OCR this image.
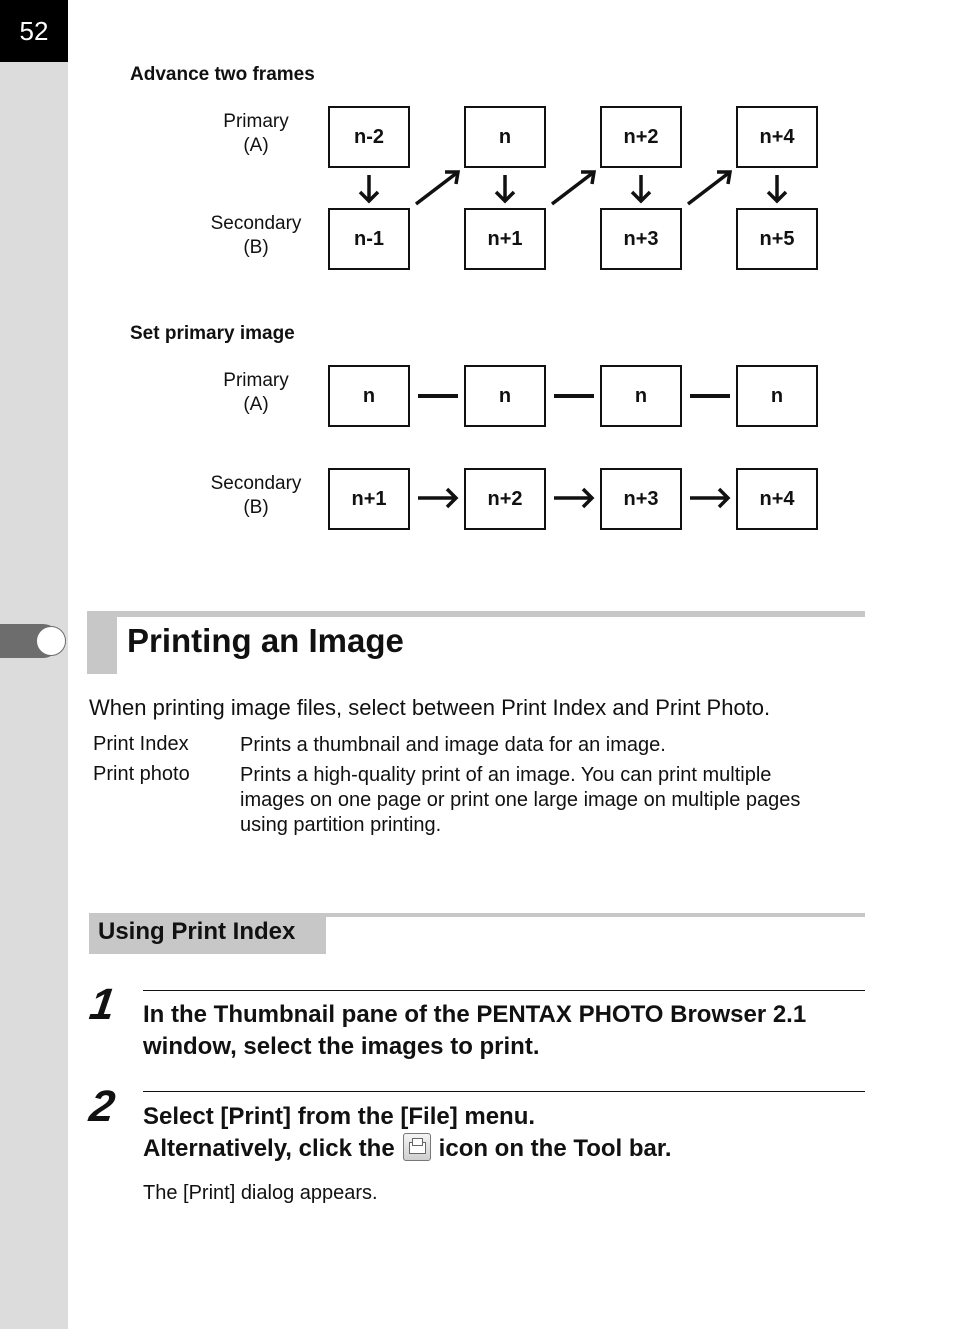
52
Advance two frames
Primary
(A)
Secondary
(B)
n-2	n	n+2	n+4
n-1	n+1	n+3	n+5
Set primary image
Primary
(A)
Secondary
(B)
n	n	n	n
n+1	n+2	n+3	n+4
Printing an Image
When printing image files, select between Print Index and Print Photo.
Print Index	Prints a thumbnail and image data for an image.
Print photo	Prints a high-quality print of an image. You can print multiple
images on one page or print one large image on multiple pages
using partition printing.
Using Print Index
1 In the Thumbnail pane of the PENTAX PHOTO Browser 2.1
window, select the images to print.
2 Select [Print] from the [File] menu.
Alternatively, click the icon on the Tool bar.
The [Print] dialog appears.
